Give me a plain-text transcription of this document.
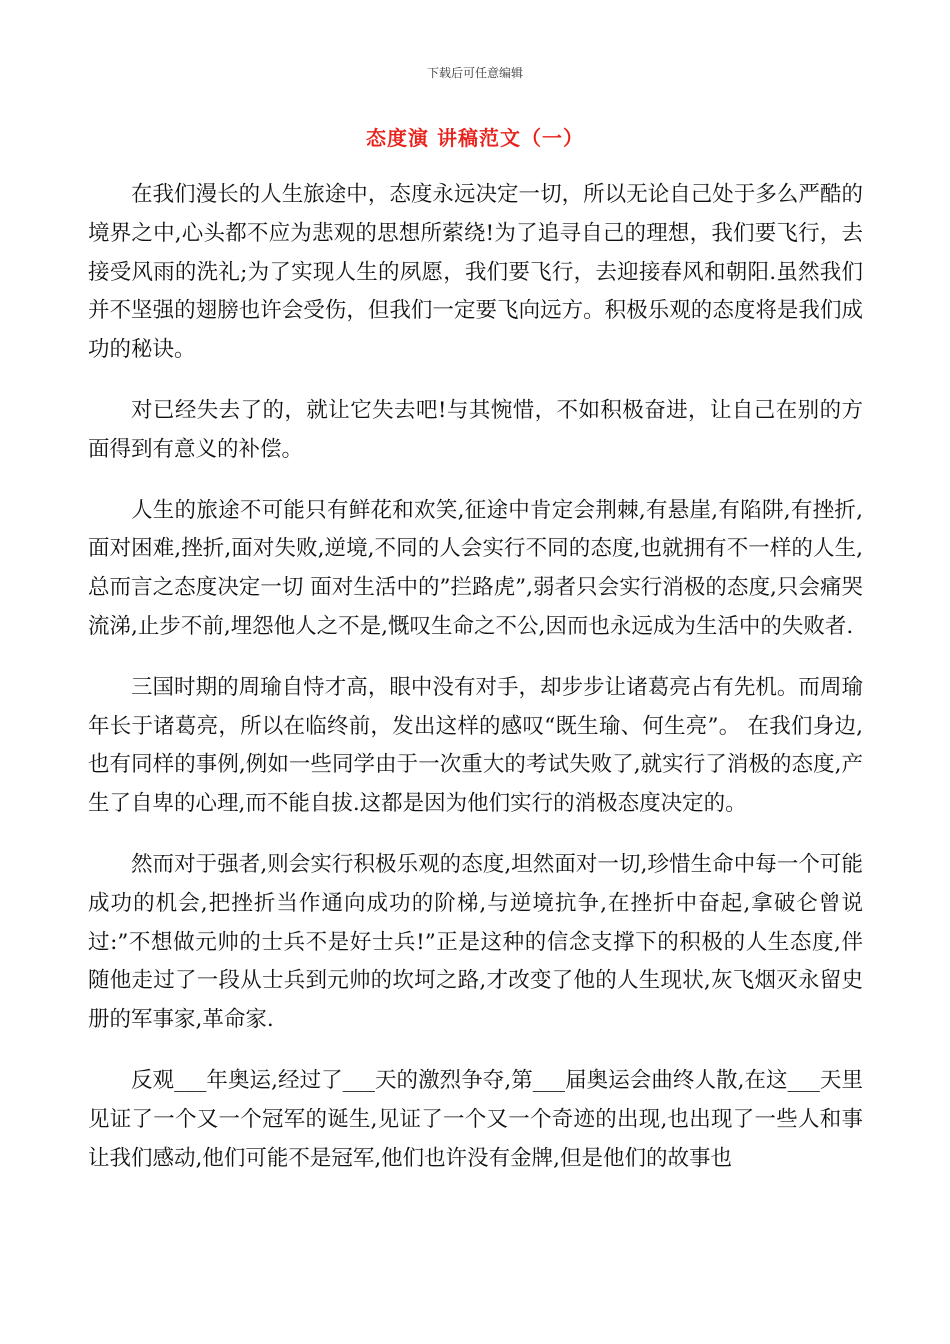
下载后可任意编辑
态度演 讲稿范文（一）

在我们漫长的人生旅途中，态度永远决定一切，所以无论自己处于多么严酷的境界之中,心头都不应为悲观的思想所萦绕!为了追寻自己的理想，我们要飞行，去接受风雨的洗礼;为了实现人生的夙愿，我们要飞行，去迎接春风和朝阳.虽然我们并不坚强的翅膀也许会受伤，但我们一定要飞向远方。积极乐观的态度将是我们成功的秘诀。

对已经失去了的，就让它失去吧!与其惋惜，不如积极奋进，让自己在别的方面得到有意义的补偿。

人生的旅途不可能只有鲜花和欢笑,征途中肯定会荆棘,有悬崖,有陷阱,有挫折,面对困难,挫折,面对失败,逆境,不同的人会实行不同的态度,也就拥有不一样的人生,总而言之态度决定一切 面对生活中的”拦路虎”,弱者只会实行消极的态度,只会痛哭流涕,止步不前,埋怨他人之不是,慨叹生命之不公,因而也永远成为生活中的失败者.

三国时期的周瑜自恃才高，眼中没有对手，却步步让诸葛亮占有先机。而周瑜年长于诸葛亮，所以在临终前，发出这样的感叹“既生瑜、何生亮”。 在我们身边,也有同样的事例,例如一些同学由于一次重大的考试失败了,就实行了消极的态度,产生了自卑的心理,而不能自拔.这都是因为他们实行的消极态度决定的。

然而对于强者,则会实行积极乐观的态度,坦然面对一切,珍惜生命中每一个可能成功的机会,把挫折当作通向成功的阶梯,与逆境抗争,在挫折中奋起,拿破仑曾说过:”不想做元帅的士兵不是好士兵!”正是这种的信念支撑下的积极的人生态度,伴随他走过了一段从士兵到元帅的坎坷之路,才改变了他的人生现状,灰飞烟灭永留史册的军事家,革命家.

反观___年奥运,经过了___天的激烈争夺,第___届奥运会曲终人散,在这___天里见证了一个又一个冠军的诞生,见证了一个又一个奇迹的出现,也出现了一些人和事让我们感动,他们可能不是冠军,他们也许没有金牌,但是他们的故事也
